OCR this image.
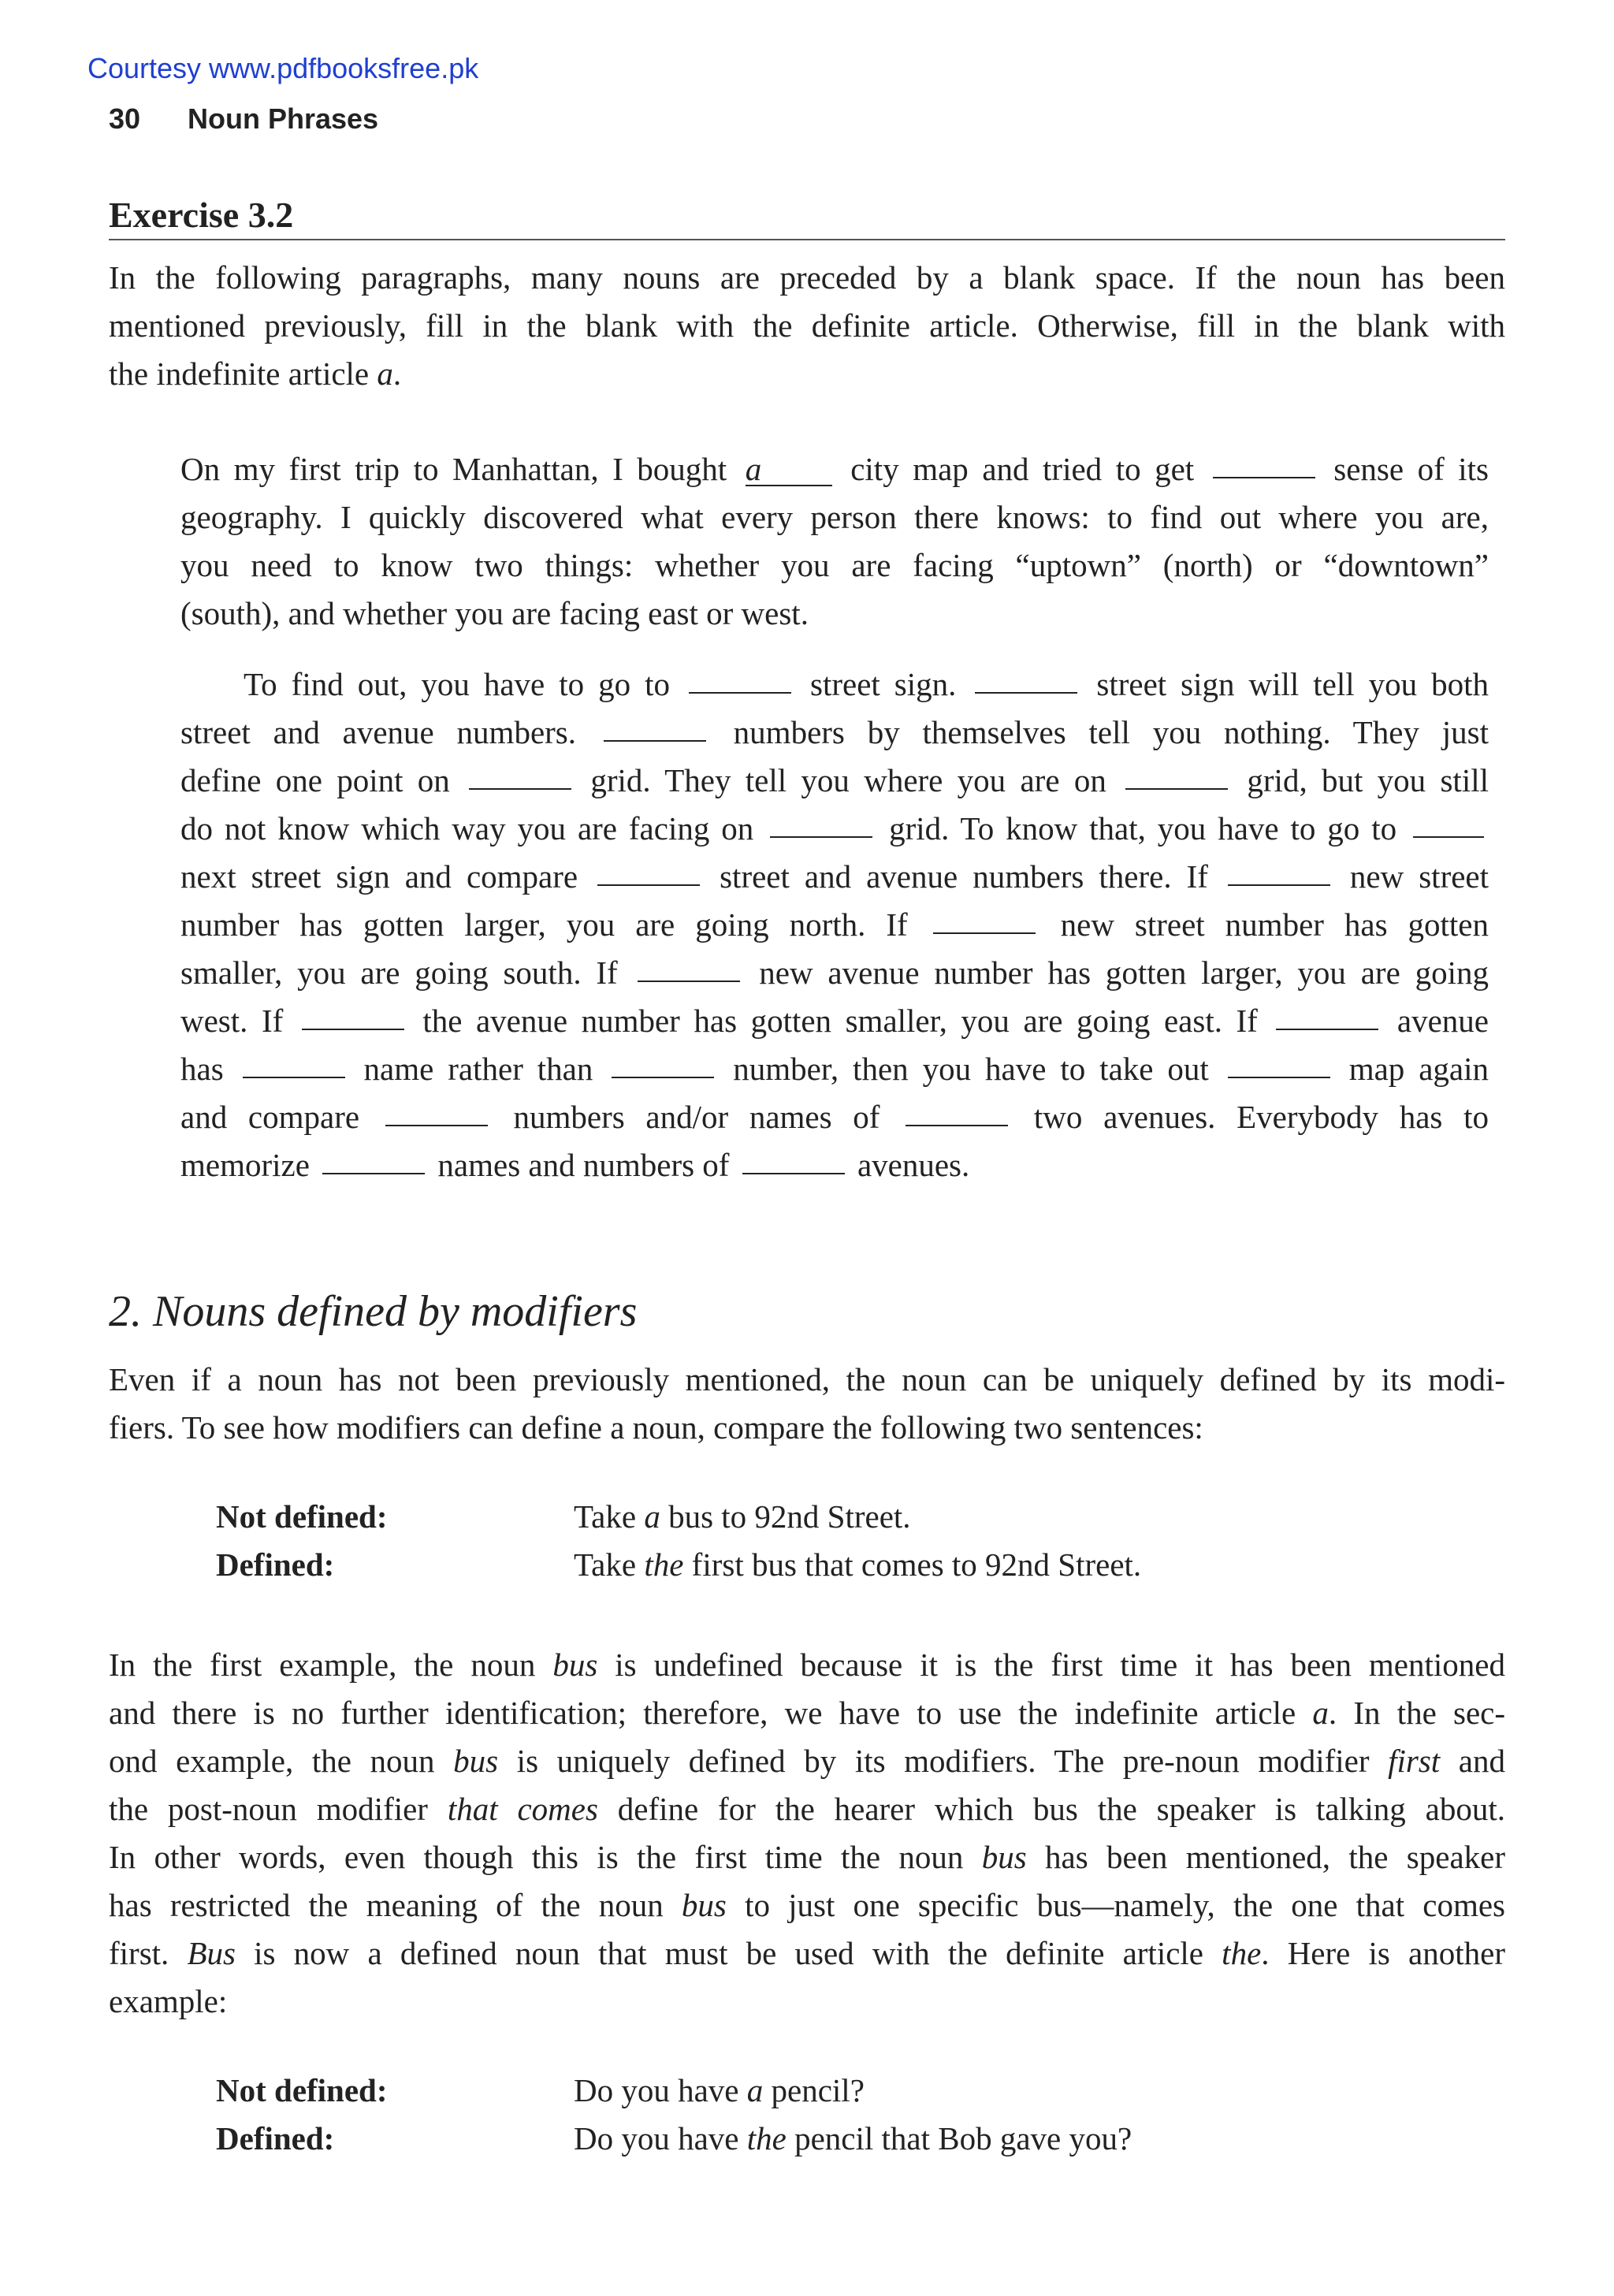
Courtesy www.pdfbooksfree.pk
30 Noun Phrases
Exercise 3.2
In the following paragraphs, many nouns are preceded by a blank space. If the noun has been
mentioned previously, fill in the blank with the definite article. Otherwise, fill in the blank with
the indefinite article a.
On my first trip to Manhattan, I bought a city map and tried to get	sense of its
geography. I quickly discovered what every person there knows: to find out where you are,
you need to know two things: whether you are facing “uptown” (north) or “downtown”
(south), and whether you are facing east or west.
To find out, you have to go to	street sign.	street sign will tell you both
street and avenue numbers.	numbers by themselves tell you nothing. They just
define one point on	grid. They tell you where you are on	grid, but you still
do not know which way you are facing on	grid. To know that, you have to go to
next street sign and compare	street and avenue numbers there. If	new street
number has gotten larger, you are going north. If	new street number has gotten
smaller, you are going south. If	new avenue number has gotten larger, you are going
west. If	the avenue number has gotten smaller, you are going east. If	avenue
has	name rather than	number, then you have to take out	map again
and compare	numbers and/or names of	two avenues. Everybody has to
memorize	names and numbers of	avenues.
2. Nouns defined by modifiers
Even if a noun has not been previously mentioned, the noun can be uniquely defined by its modi-
fiers. To see how modifiers can define a noun, compare the following two sentences:
Not defined:	Take a bus to 92nd Street.
Defined:	Take the first bus that comes to 92nd Street.
In the first example, the noun bus is undefined because it is the first time it has been mentioned
and there is no further identification; therefore, we have to use the indefinite article a. In the sec-
ond example, the noun bus is uniquely defined by its modifiers. The pre-noun modifier first and
the post-noun modifier that comes define for the hearer which bus the speaker is talking about.
In other words, even though this is the first time the noun bus has been mentioned, the speaker
has restricted the meaning of the noun bus to just one specific bus—namely, the one that comes
first. Bus is now a defined noun that must be used with the definite article the. Here is another
example:
Not defined:	Do you have a pencil?
Defined:	Do you have the pencil that Bob gave you?
